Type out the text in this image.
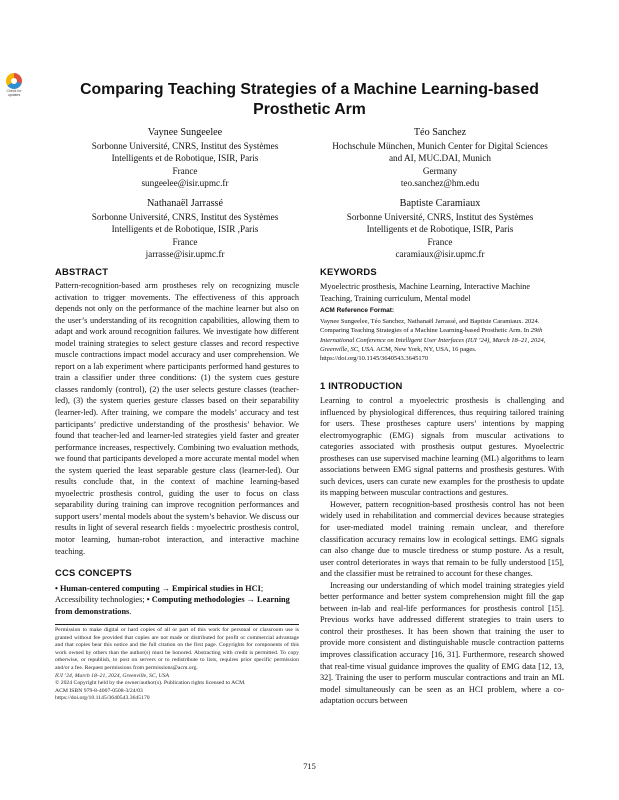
Check for
updates	Comparing Teaching Strategies of a Machine Learning-based
Prosthetic Arm
Vaynee Sungeelee
Sorbonne Université, CNRS, Institut des Systèmes
Intelligents et de Robotique, ISIR, Paris
France
sungeelee@isir.upmc.fr
Téo Sanchez
Hochschule München, Munich Center for Digital Sciences
and AI, MUC.DAI, Munich
Germany
teo.sanchez@hm.edu
Nathanaël Jarrassé
Sorbonne Université, CNRS, Institut des Systèmes
Intelligents et de Robotique, ISIR ,Paris
France
jarrasse@isir.upmc.fr
Baptiste Caramiaux
Sorbonne Université, CNRS, Institut des Systèmes
Intelligents et de Robotique, ISIR, Paris
France
caramiaux@isir.upmc.fr
ABSTRACT

Pattern-recognition-based arm prostheses rely on recognizing muscle activation to trigger movements. The effectiveness of this approach depends not only on the performance of the machine learner but also on the user’s understanding of its recognition capabilities, allowing them to adapt and work around recognition failures. We investigate how different model training strategies to select gesture classes and record respective muscle contractions impact model accuracy and user comprehension. We report on a lab experiment where participants performed hand gestures to train a classifier under three conditions: (1) the system cues gesture classes randomly (control), (2) the user selects gesture classes (teacher-led), (3) the system queries gesture classes based on their separability (learner-led). After training, we compare the models’ accuracy and test participants’ predictive understanding of the prosthesis’ behavior. We found that teacher-led and learner-led strategies yield faster and greater performance increases, respectively. Combining two evaluation methods, we found that participants developed a more accurate mental model when the system queried the least separable gesture class (learner-led). Our results conclude that, in the context of machine learning-based myoelectric prosthesis control, guiding the user to focus on class separability during training can improve recognition performances and support users’ mental models about the system’s behavior. We discuss our results in light of several research fields : myoelectric prosthesis control, motor learning, human-robot interaction, and interactive machine teaching.

CCS CONCEPTS
• Human-centered computing → Empirical studies in HCI; Accessibility technologies; • Computing methodologies → Learning from demonstrations.
Permission to make digital or hard copies of all or part of this work for personal or classroom use is granted without fee provided that copies are not made or distributed for profit or commercial advantage and that copies bear this notice and the full citation on the first page. Copyrights for components of this work owned by others than the author(s) must be honored. Abstracting with credit is permitted. To copy otherwise, or republish, to post on servers or to redistribute to lists, requires prior specific permission and/or a fee. Request permissions from permissions@acm.org.
IUI ’24, March 18–21, 2024, Greenville, SC, USA
© 2024 Copyright held by the owner/author(s). Publication rights licensed to ACM.
ACM ISBN 979-8-4007-0508-3/24/03
https://doi.org/10.1145/3640543.3645170
KEYWORDS
Myoelectric prosthesis, Machine Learning, Interactive Machine Teaching, Training curriculum, Mental model
ACM Reference Format:
Vaynee Sungeelee, Téo Sanchez, Nathanaël Jarrassé, and Baptiste Caramiaux. 2024. Comparing Teaching Strategies of a Machine Learning-based Prosthetic Arm. In 29th International Conference on Intelligent User Interfaces (IUI ’24), March 18–21, 2024, Greenville, SC, USA. ACM, New York, NY, USA, 16 pages. https://doi.org/10.1145/3640543.3645170
1 INTRODUCTION

Learning to control a myoelectric prosthesis is challenging and influenced by physiological differences, thus requiring tailored training for users. These prostheses capture users’ intentions by mapping electromyographic (EMG) signals from muscular activations to categories associated with prosthesis output gestures. Myoelectric prostheses can use supervised machine learning (ML) algorithms to learn associations between EMG signal patterns and prosthesis gestures. With such devices, users can curate new examples for the prosthesis to update its mapping between muscular contractions and gestures.

However, pattern recognition-based prosthesis control has not been widely used in rehabilitation and commercial devices because strategies for user-mediated model training remain unclear, and therefore classification accuracy remains low in ecological settings. EMG signals can also change due to muscle tiredness or stump posture. As a result, user control deteriorates in ways that remain to be fully understood [15], and the classifier must be retrained to account for these changes.

Increasing our understanding of which model training strategies yield better performance and better system comprehension might fill the gap between in-lab and real-life performances for prosthesis control [15]. Previous works have addressed different strategies to train users to control their prostheses. It has been shown that training the user to provide more consistent and distinguishable muscle contraction patterns improves classification accuracy [16, 31]. Furthermore, research showed that real-time visual guidance improves the quality of EMG data [12, 13, 32]. Training the user to perform muscular contractions and train an ML model simultaneously can be seen as an HCI problem, where a co-adaptation occurs between

715
